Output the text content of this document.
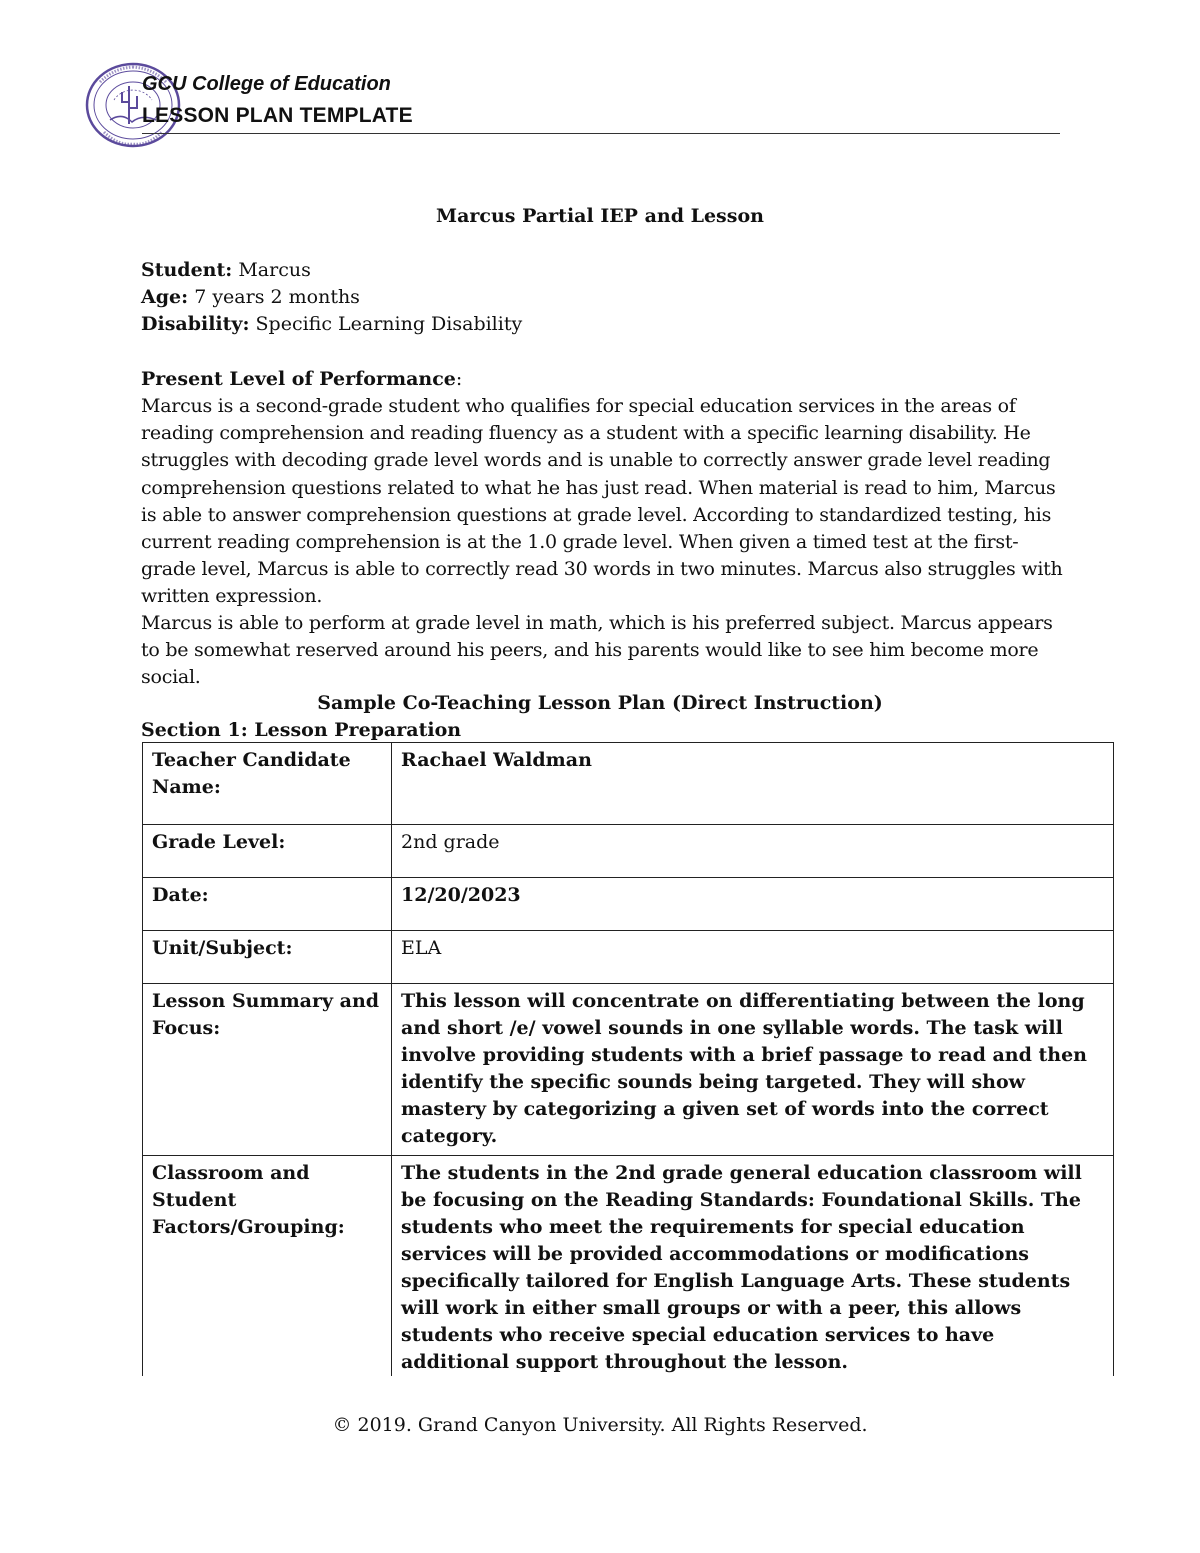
GCU College of Education
LESSON PLAN TEMPLATE
Marcus Partial IEP and Lesson
Student: Marcus
Age: 7 years 2 months
Disability: Specific Learning Disability
Present Level of Performance:

Marcus is a second-grade student who qualifies for special education services in the areas of reading comprehension and reading fluency as a student with a specific learning disability. He struggles with decoding grade level words and is unable to correctly answer grade level reading comprehension questions related to what he has just read. When material is read to him, Marcus is able to answer comprehension questions at grade level. According to standardized testing, his current reading comprehension is at the 1.0 grade level. When given a timed test at the first-grade level, Marcus is able to correctly read 30 words in two minutes. Marcus also struggles with written expression.

Marcus is able to perform at grade level in math, which is his preferred subject. Marcus appears to be somewhat reserved around his peers, and his parents would like to see him become more social.

Sample Co-Teaching Lesson Plan (Direct Instruction)
Section 1: Lesson Preparation
Teacher Candidate Name:	Rachael Waldman
Grade Level:	2nd grade
Date:	12/20/2023
Unit/Subject:	ELA
Lesson Summary and Focus:	This lesson will concentrate on differentiating between the long and short /e/ vowel sounds in one syllable words. The task will involve providing students with a brief passage to read and then identify the specific sounds being targeted. They will show mastery by categorizing a given set of words into the correct category.
Classroom and Student Factors/Grouping:	The students in the 2nd grade general education classroom will be focusing on the Reading Standards: Foundational Skills. The students who meet the requirements for special education services will be provided accommodations or modifications specifically tailored for English Language Arts. These students will work in either small groups or with a peer, this allows students who receive special education services to have additional support throughout the lesson.
© 2019. Grand Canyon University. All Rights Reserved.
